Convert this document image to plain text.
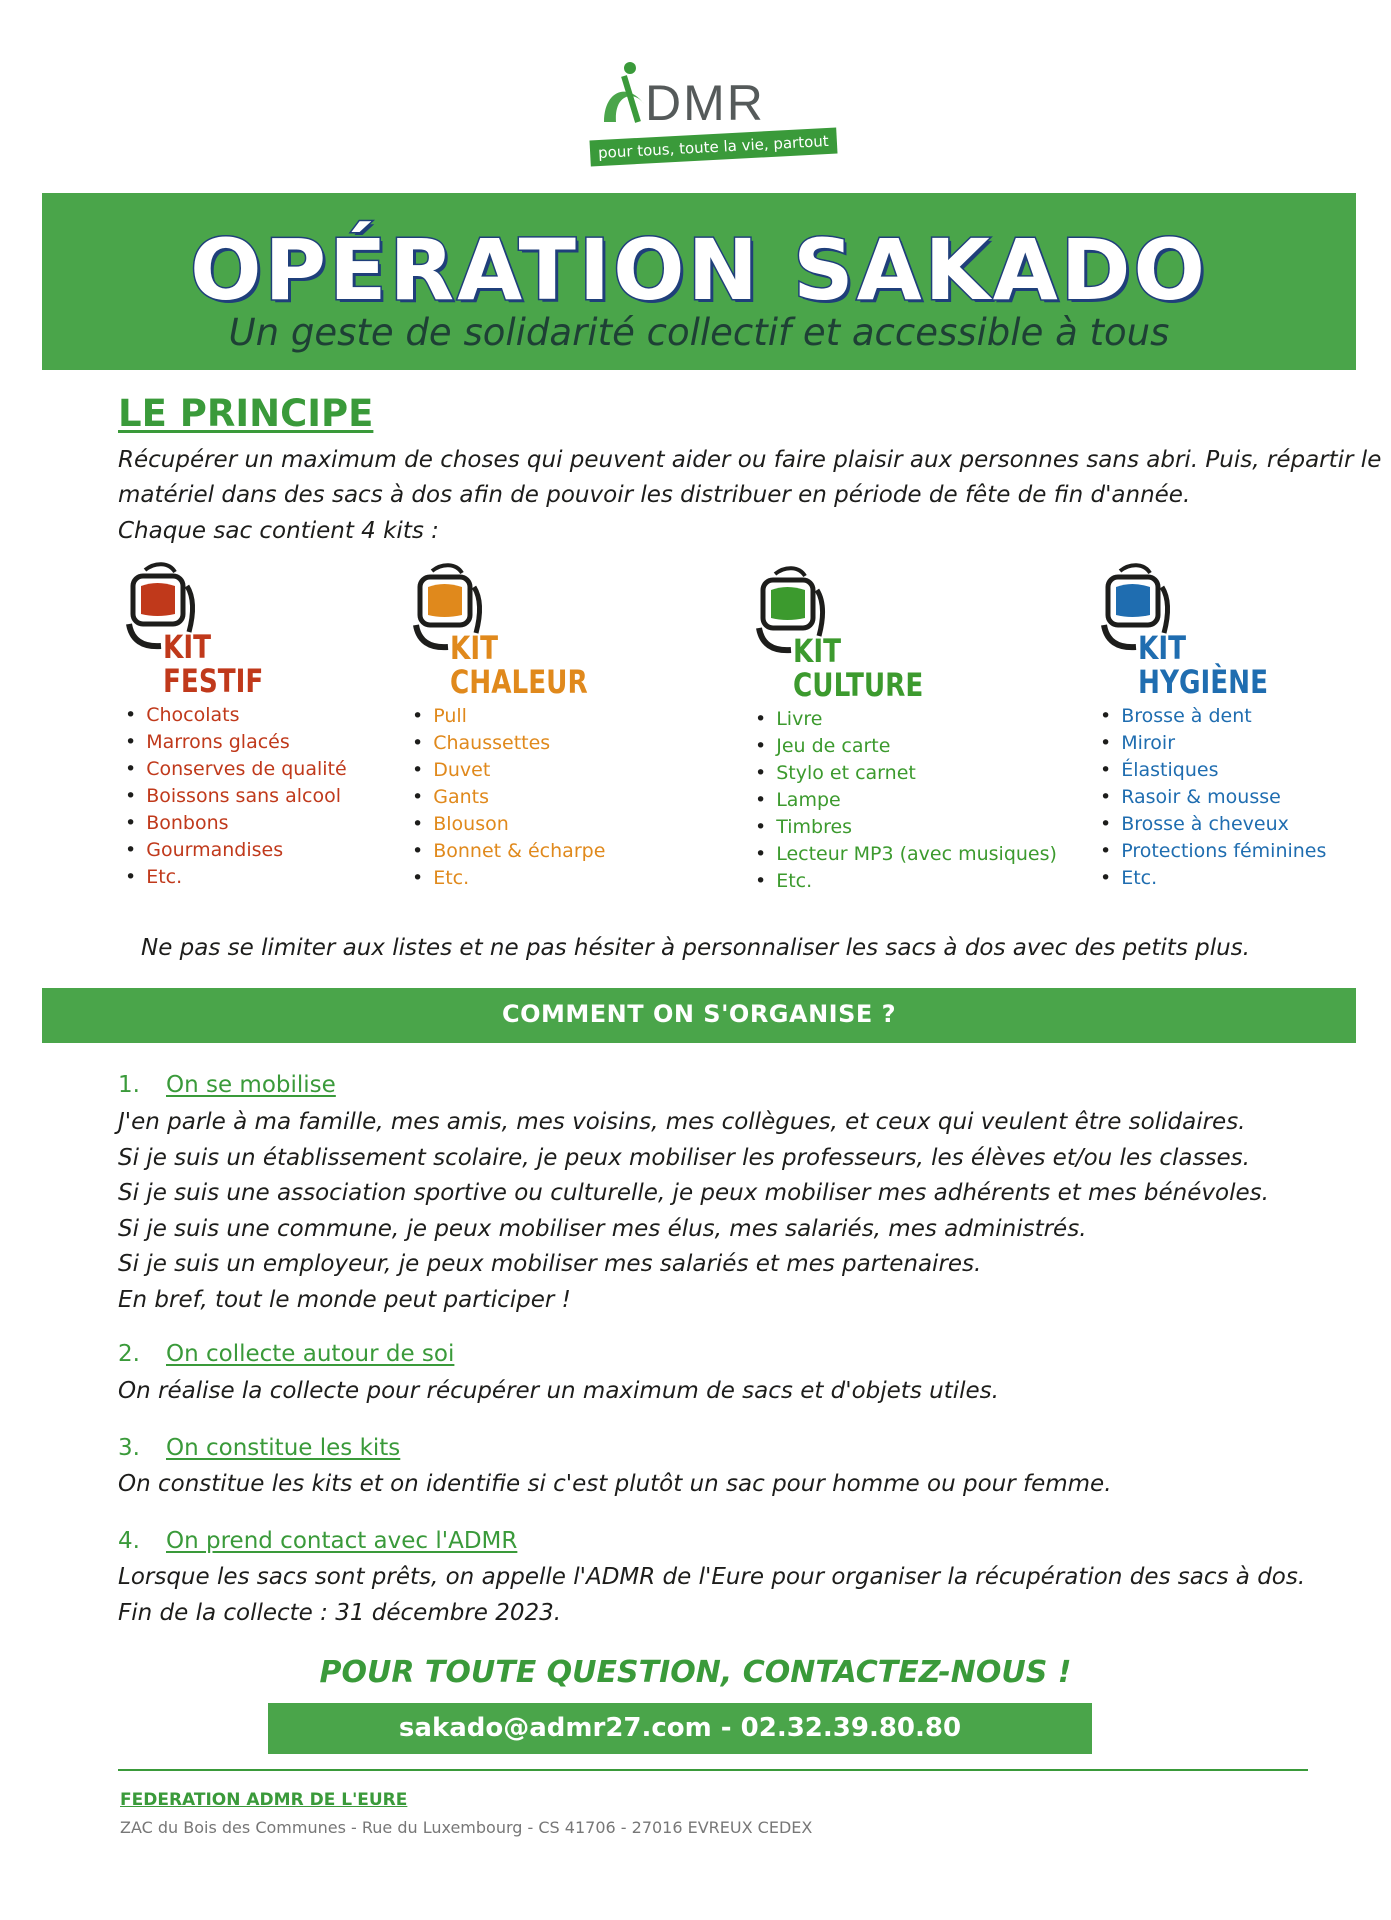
DMR
pour tous, toute la vie, partout
OPÉRATION SAKADO
Un geste de solidarité collectif et accessible à tous
LE PRINCIPE
Récupérer un maximum de choses qui peuvent aider ou faire plaisir aux personnes sans abri. Puis, répartir le
matériel dans des sacs à dos afin de pouvoir les distribuer en période de fête de fin d'année.
Chaque sac contient 4 kits :
KIT
FESTIF
• Chocolats
• Marrons glacés
• Conserves de qualité
• Boissons sans alcool
• Bonbons
• Gourmandises
• Etc.
KIT
CHALEUR
• Pull
• Chaussettes
• Duvet
• Gants
• Blouson
• Bonnet & écharpe
• Etc.
KIT
CULTURE
• Livre
• Jeu de carte
• Stylo et carnet
• Lampe
• Timbres
• Lecteur MP3 (avec musiques)
• Etc.
KIT
HYGIÈNE
• Brosse à dent
• Miroir
• Élastiques
• Rasoir & mousse
• Brosse à cheveux
• Protections féminines
• Etc.
Ne pas se limiter aux listes et ne pas hésiter à personnaliser les sacs à dos avec des petits plus.
COMMENT ON S'ORGANISE ?
1. On se mobilise
J'en parle à ma famille, mes amis, mes voisins, mes collègues, et ceux qui veulent être solidaires.
Si je suis un établissement scolaire, je peux mobiliser les professeurs, les élèves et/ou les classes.
Si je suis une association sportive ou culturelle, je peux mobiliser mes adhérents et mes bénévoles.
Si je suis une commune, je peux mobiliser mes élus, mes salariés, mes administrés.
Si je suis un employeur, je peux mobiliser mes salariés et mes partenaires.
En bref, tout le monde peut participer !
2. On collecte autour de soi
On réalise la collecte pour récupérer un maximum de sacs et d'objets utiles.
3. On constitue les kits
On constitue les kits et on identifie si c'est plutôt un sac pour homme ou pour femme.
4. On prend contact avec l'ADMR
Lorsque les sacs sont prêts, on appelle l'ADMR de l'Eure pour organiser la récupération des sacs à dos.
Fin de la collecte : 31 décembre 2023.
POUR TOUTE QUESTION, CONTACTEZ-NOUS !
sakado@admr27.com - 02.32.39.80.80
FEDERATION ADMR DE L'EURE
ZAC du Bois des Communes - Rue du Luxembourg - CS 41706 - 27016 EVREUX CEDEX
